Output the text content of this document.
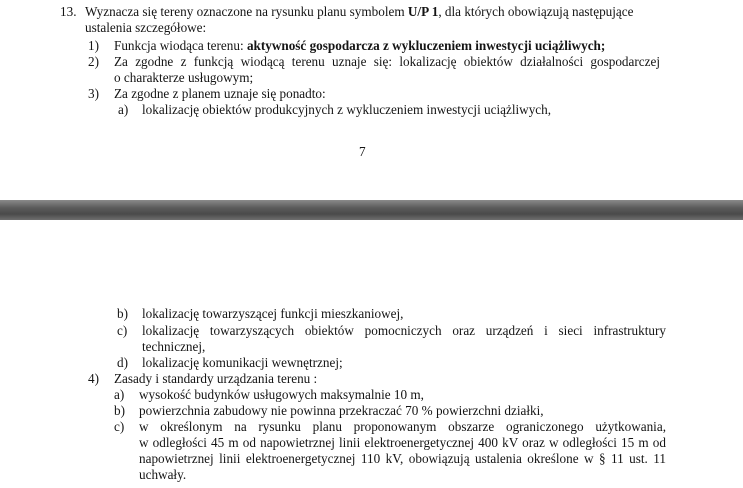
13. Wyznacza się tereny oznaczone na rysunku planu symbolem U/P 1, dla których obowiązują następujące
ustalenia szczegółowe:
1) Funkcja wiodąca terenu: aktywność gospodarcza z wykluczeniem inwestycji uciążliwych;
2) Za zgodne z funkcją wiodącą terenu uznaje się: lokalizację obiektów działalności gospodarczej
o charakterze usługowym;
3) Za zgodne z planem uznaje się ponadto:
a) lokalizację obiektów produkcyjnych z wykluczeniem inwestycji uciążliwych,
7
b) lokalizację towarzyszącej funkcji mieszkaniowej,
c) lokalizację towarzyszących obiektów pomocniczych oraz urządzeń i sieci infrastruktury
technicznej,
d) lokalizację komunikacji wewnętrznej;
4) Zasady i standardy urządzania terenu :
a) wysokość budynków usługowych maksymalnie 10 m,
b) powierzchnia zabudowy nie powinna przekraczać 70 % powierzchni działki,
c) w określonym na rysunku planu proponowanym obszarze ograniczonego użytkowania,
w odległości 45 m od napowietrznej linii elektroenergetycznej 400 kV oraz w odległości 15 m od
napowietrznej linii elektroenergetycznej 110 kV, obowiązują ustalenia określone w § 11 ust. 11
uchwały.
